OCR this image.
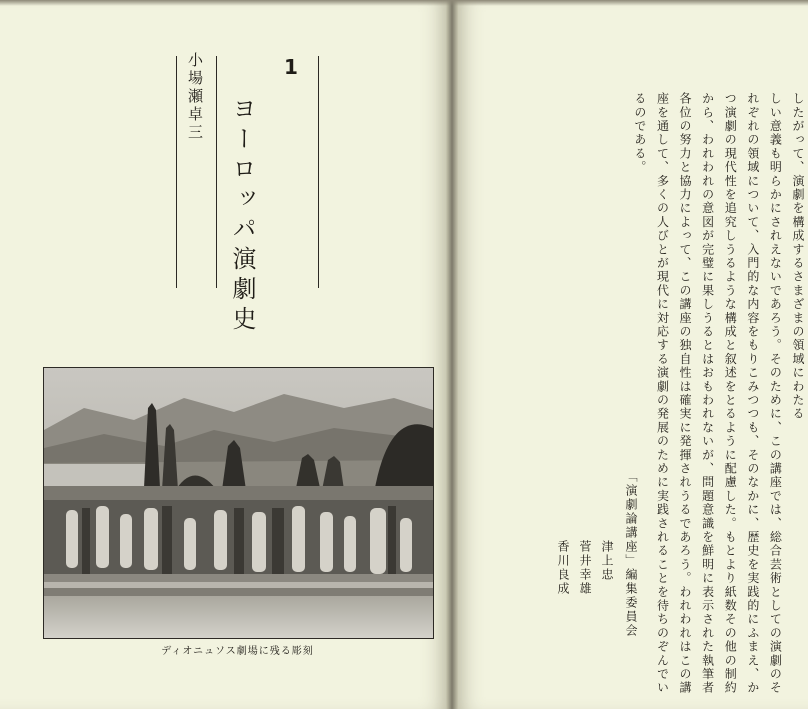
1
ヨーロッパ演劇史
小場瀬卓三
ディオニュソス劇場に残る彫刻
したがって、演劇を構成するさまざまの領域にわたる
しい意義も明らかにされえないであろう。そのために、この講座では、総合芸術としての演劇のそ
れぞれの領域について、入門的な内容をもりこみつつも、そのなかに、歴史を実践的にふまえ、か
つ演劇の現代性を追究しうるような構成と叙述をとるように配慮した。もとより紙数その他の制約
から、われわれの意図が完璧に果しうるとはおもわれないが、問題意識を鮮明に表示された執筆者
各位の努力と協力によって、この講座の独自性は確実に発揮されうるであろう。われわれはこの講
座を通して、多くの人びとが現代に対応する演劇の発展のために実践されることを待ちのぞんでい
るのである。
「演劇論講座」編集委員会
津上忠
菅井幸雄
香川良成
